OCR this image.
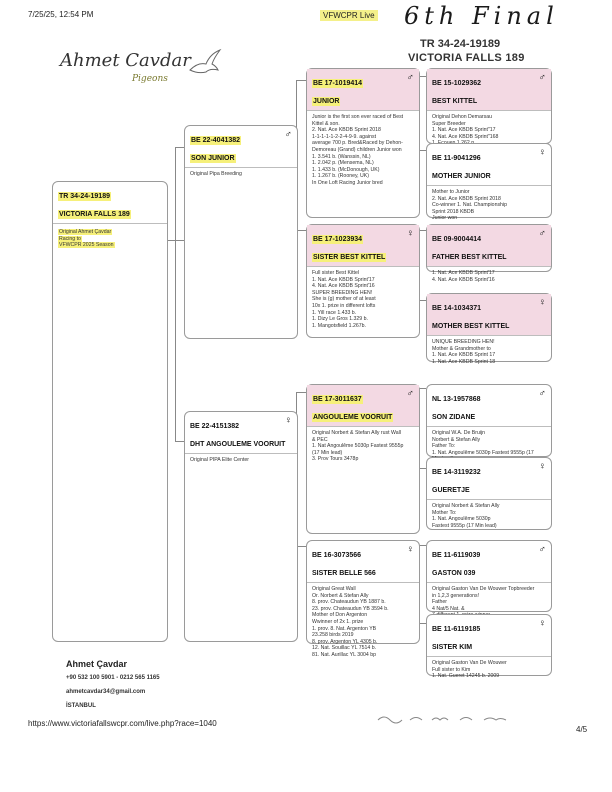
7/25/25, 12:54 PM	VFWCPR Live 6th Final
TR 34-24-19189
VICTORIA FALLS 189
Ahmet Cavdar
Pigeons
TR 34-24-19189
VICTORIA FALLS 189
Original Ahmet Çavdar
Racing to
VFWCPR 2025 Season
BE 22-4041382
SON JUNIOR
♂
Original Pipa Breeding
BE 22-4151382
DHT ANGOULEME VOORUIT
♀
Original PIPA Elite Center
BE 17-1019414
JUNIOR
♂
Junior is the first son ever raced of Best
Kittel & son.
2. Nat. Ace KBDB Sprint 2018
1-1-1-1-1-2-2-4-9-9. against
average 700 p. Bred&Raced by Dehon-
Demoreau (Grand) children Junior won
1. 3.541 b. (Wanssin, NL)
1. 2.042 p. (Mensema, NL)
1. 1.433 b. (McDonough, UK)
1. 1.267 b. (Rooney, UK)
In One Loft Racing Junior bred
BE 17-1023934
SISTER BEST KITTEL
♀
Full sister Best Kittel
1. Nat. Ace KBDB Sprint'17
4. Nat. Ace KBDB Sprint'16
SUPER BREEDING HEN!
She is (g) mother of at least
10x 1. prize in different lofts
1. Yill race 1.433 b.
1. Dizy Le Gros 1.329 b.
1. Mangotsfield 1.267b.
BE 17-3011637
ANGOULEME VOORUIT
♂
Original Norbert & Stefan Ally rust Wall
& PEC
1. Nat Angoulême 5030p Fastest 9555p
(17 Min lead)
3. Prov Tours 3478p
BE 16-3073566
SISTER BELLE 566
♀
Original Great Wall
Or. Norbert & Stefan Ally
8. prov. Chateaudun YB 1887 b.
23. prov. Chateaudun YB 3594 b.
Mother of Don Argenton
Wwinner of 2x 1. prize
1. prov. 8. Nat. Argenton YB
23.258 birds 2019
8. prov. Argenton YL 4305 b.
12. Nat. Souillac YL 7514 b.
81. Nat. Aurillac YL 3004 bp
BE 15-1029362
BEST KITTEL
♂
Original Dehon Demarsau
Super Breeder
1. Nat. Ace KBDB Sprint"17
4. Nat. Ace KBDB Sprint"168
BE 11-9041296
MOTHER JUNIOR
♀
Mother to Junior
2. Nat. Ace KBDB Sprint 2018
Co-winner 1. Nat. Championship
Sprint 2018 KBDB
Junior won
BE 09-9004414
FATHER BEST KITTEL
♂
1. Nat. Ace KBDB Sprint'17
4. Nat. Ace KBDB Sprint'16
BE 14-1034371
MOTHER BEST KITTEL
♀
UNIQUE BREEDING HEN!
Mother & Grandmother to
1. Nat. Ace KBDB Sprint 17
1. Nat. Ace KBDB Sprint 18
NL 13-1957868
SON ZIDANE
♂
Original W.A. De Bruijn
Norbert & Stefan Ally
Father To:
1. Nat. Angoulême 5030p Fastest 9555p (17
BE 14-3119232
GUERETJE
♀
Original Norbert & Stefan Ally
Mother To:
1. Nat. Angoulême 5030p
Fastest 9555p (17 Min lead)
BE 11-6119039
GASTON 039
♂
Original Gaston Van De Wouwer Topbreeder
in 1,2,3 generations!
Father
4 Nat/5 Nat. &
BE 11-6119185
SISTER KIM
♀
Original Gaston Van De Wouwer
Full sister to Kim
1. Nat. Gueret 14245 b. 2009
Ahmet Çavdar
+90 532 100 5901 - 0212 565 1165
ahmetcavdar34@gmail.com
İSTANBUL
https://www.victoriafallswcpr.com/live.php?race=1040
4/5
